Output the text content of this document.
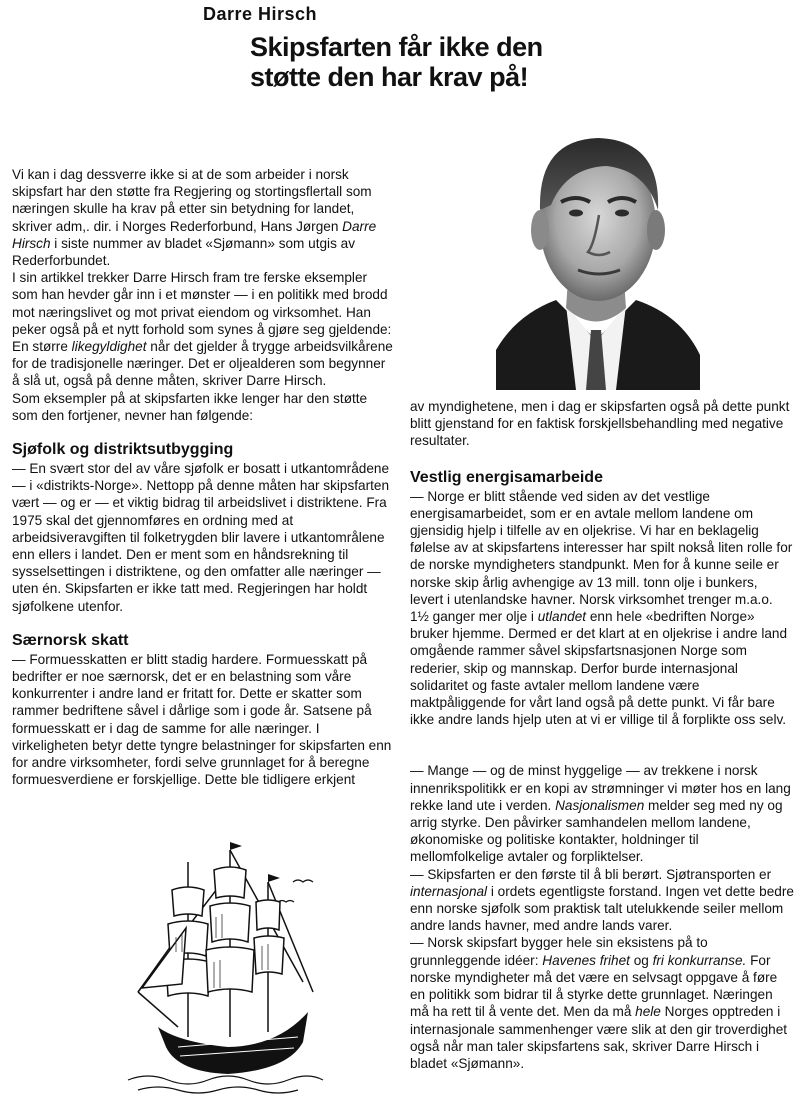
Darre Hirsch
Skipsfarten får ikke den
støtte den har krav på!

Vi kan i dag dessverre ikke si at de som arbeider i norsk skipsfart har den støtte fra Regjering og stortingsflertall som næringen skulle ha krav på etter sin betydning for landet, skriver adm,. dir. i Norges Rederforbund, Hans Jørgen Darre Hirsch i siste nummer av bladet «Sjømann» som utgis av Rederforbundet.

I sin artikkel trekker Darre Hirsch fram tre ferske eksempler som han hevder går inn i et mønster — i en politikk med brodd mot næringslivet og mot privat eiendom og virksomhet. Han peker også på et nytt forhold som synes å gjøre seg gjeldende: En større likegyldighet når det gjelder å trygge arbeidsvilkårene for de tradisjonelle næringer. Det er oljealderen som begynner å slå ut, også på denne måten, skriver Darre Hirsch.

Som eksempler på at skipsfarten ikke lenger har den støtte som den fortjener, nevner han følgende:

Sjøfolk og distriktsutbygging

— En svært stor del av våre sjøfolk er bosatt i utkantområdene — i «distrikts-Norge». Nettopp på denne måten har skipsfarten vært — og er — et viktig bidrag til arbeidslivet i distriktene. Fra 1975 skal det gjennomføres en ordning med at arbeidsiveravgiften til folketrygden blir lavere i utkantområlene enn ellers i landet. Den er ment som en håndsrekning til sysselsettingen i distriktene, og den omfatter alle næringer — uten én. Skipsfarten er ikke tatt med. Regjeringen har holdt sjøfolkene utenfor.

Særnorsk skatt

— Formuesskatten er blitt stadig hardere. Formuesskatt på bedrifter er noe særnorsk, det er en belastning som våre konkurrenter i andre land er fritatt for. Dette er skatter som rammer bedriftene såvel i dårlige som i gode år. Satsene på formuesskatt er i dag de samme for alle næringer. I virkeligheten betyr dette tyngre belastninger for skipsfarten enn for andre virksomheter, fordi selve grunnlaget for å beregne formuesverdiene er forskjellige. Dette ble tidligere erkjent

av myndighetene, men i dag er skipsfarten også på dette punkt blitt gjenstand for en faktisk forskjellsbehandling med negative resultater.

Vestlig energisamarbeide

— Norge er blitt stående ved siden av det vestlige energisamarbeidet, som er en avtale mellom landene om gjensidig hjelp i tilfelle av en oljekrise. Vi har en beklagelig følelse av at skipsfartens interesser har spilt nokså liten rolle for de norske myndigheters standpunkt. Men for å kunne seile er norske skip årlig avhengige av 13 mill. tonn olje i bunkers, levert i utenlandske havner. Norsk virksomhet trenger m.a.o. 1½ ganger mer olje i utlandet enn hele «bedriften Norge» bruker hjemme. Dermed er det klart at en oljekrise i andre land omgående rammer såvel skipsfartsnasjonen Norge som rederier, skip og mannskap. Derfor burde internasjonal solidaritet og faste avtaler mellom landene være maktpåliggende for vårt land også på dette punkt. Vi får bare ikke andre lands hjelp uten at vi er villige til å forplikte oss selv.

— Mange — og de minst hyggelige — av trekkene i norsk innenrikspolitikk er en kopi av strømninger vi møter hos en lang rekke land ute i verden. Nasjonalismen melder seg med ny og arrig styrke. Den påvirker samhandelen mellom landene, økonomiske og politiske kontakter, holdninger til mellomfolkelige avtaler og forpliktelser.

— Skipsfarten er den første til å bli berørt. Sjøtransporten er internasjonal i ordets egentligste forstand. Ingen vet dette bedre enn norske sjøfolk som praktisk talt utelukkende seiler mellom andre lands havner, med andre lands varer.

— Norsk skipsfart bygger hele sin eksistens på to grunnleggende idéer: Havenes frihet og fri konkurranse. For norske myndigheter må det være en selvsagt oppgave å føre en politikk som bidrar til å styrke dette grunnlaget. Næringen må ha rett til å vente det. Men da må hele Norges opptreden i internasjonale sammenhenger være slik at den gir troverdighet også når man taler skipsfartens sak, skriver Darre Hirsch i bladet «Sjømann».
